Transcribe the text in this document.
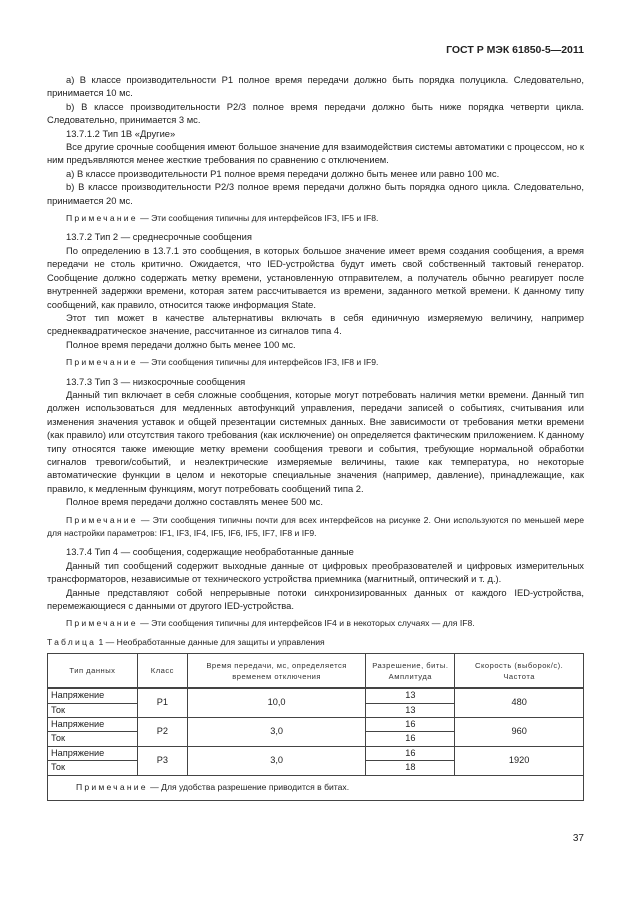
ГОСТ Р МЭК 61850-5—2011

a) В классе производительности P1 полное время передачи должно быть порядка полуцикла. Следовательно, принимается 10 мс.

b) В классе производительности P2/3 полное время передачи должно быть ниже порядка четверти цикла. Следовательно, принимается 3 мс.

13.7.1.2 Тип 1B «Другие»

Все другие срочные сообщения имеют большое значение для взаимодействия системы автоматики с процессом, но к ним предъявляются менее жесткие требования по сравнению с отключением.

a) В классе производительности P1 полное время передачи должно быть менее или равно 100 мс.

b) В классе производительности P2/3 полное время передачи должно быть порядка одного цикла. Следовательно, принимается 20 мс.

Примечание — Эти сообщения типичны для интерфейсов IF3, IF5 и IF8.

13.7.2 Тип 2 — среднесрочные сообщения

По определению в 13.7.1 это сообщения, в которых большое значение имеет время создания сообщения, а время передачи не столь критично. Ожидается, что IED-устройства будут иметь свой собственный тактовый генератор. Сообщение должно содержать метку времени, установленную отправителем, а получатель обычно реагирует после внутренней задержки времени, которая затем рассчитывается из времени, заданного меткой времени. К данному типу сообщений, как правило, относится также информация State.

Этот тип может в качестве альтернативы включать в себя единичную измеряемую величину, например среднеквадратическое значение, рассчитанное из сигналов типа 4.

Полное время передачи должно быть менее 100 мс.

Примечание — Эти сообщения типичны для интерфейсов IF3, IF8 и IF9.

13.7.3 Тип 3 — низкосрочные сообщения

Данный тип включает в себя сложные сообщения, которые могут потребовать наличия метки времени. Данный тип должен использоваться для медленных автофункций управления, передачи записей о событиях, считывания или изменения значения уставок и общей презентации системных данных. Вне зависимости от требования метки времени (как правило) или отсутствия такого требования (как исключение) он определяется фактическим приложением. К данному типу относятся также имеющие метку времени сообщения тревоги и события, требующие нормальной обработки сигналов тревоги/событий, и неэлектрические измеряемые величины, такие как температура, но некоторые автоматические функции в целом и некоторые специальные значения (например, давление), принадлежащие, как правило, к медленным функциям, могут потребовать сообщений типа 2.

Полное время передачи должно составлять менее 500 мс.

Примечание — Эти сообщения типичны почти для всех интерфейсов на рисунке 2. Они используются по меньшей мере для настройки параметров: IF1, IF3, IF4, IF5, IF6, IF5, IF7, IF8 и IF9.

13.7.4 Тип 4 — сообщения, содержащие необработанные данные

Данный тип сообщений содержит выходные данные от цифровых преобразователей и цифровых измерительных трансформаторов, независимые от технического устройства приемника (магнитный, оптический и т. д.).

Данные представляют собой непрерывные потоки синхронизированных данных от каждого IED-устройства, перемежающиеся с данными от другого IED-устройства.

Примечание — Эти сообщения типичны для интерфейсов IF4 и в некоторых случаях — для IF8.

Таблица 1 — Необработанные данные для защиты и управления

Тип данных	Класс	Время передачи, мс, определяется временем отключения	Разрешение, биты. Амплитуда	Скорость (выборок/с). Частота
Напряжение	P1	10,0	13	480
Ток			13	
Напряжение	P2	3,0	16	960
Ток			16	
Напряжение	P3	3,0	16	1920
Ток			18	
Примечание — Для удобства разрешение приводится в битах.				
37
